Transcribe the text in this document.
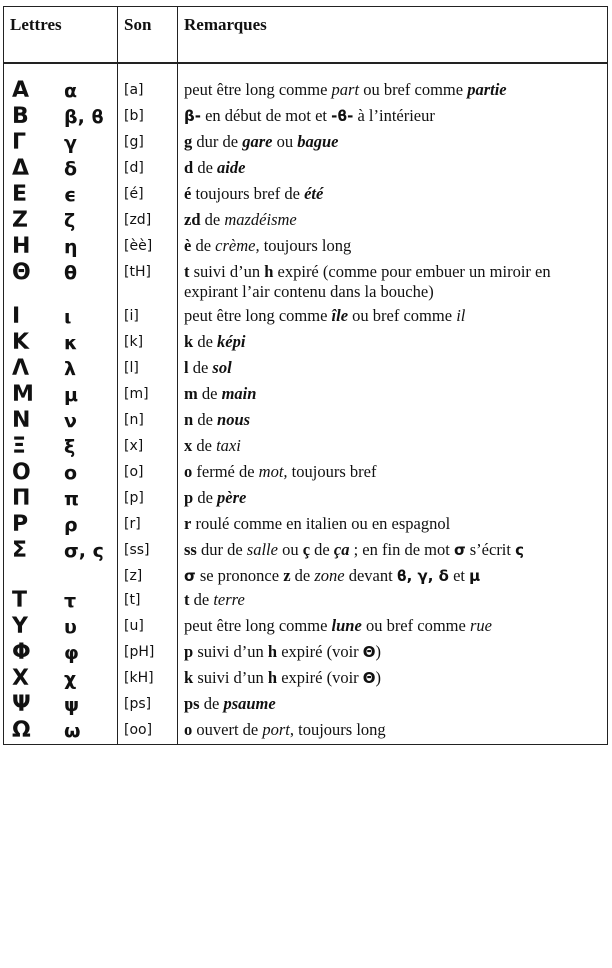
Lettres	Son	Remarques

Α α	[a]	peut être long comme part ou bref comme partie
Β β, ϐ	[b]	β- en début de mot et -ϐ- à l’intérieur
Γ γ	[g]	g dur de gare ou bague
Δ δ	[d]	d de aide
Ε ϵ	[é]	é toujours bref de été
Ζ ζ	[zd]	zd de mazdéisme
Η η	[èè]	è de crème, toujours long
Θ θ	[tH]	t suivi d’un h expiré (comme pour embuer un miroir en expirant l’air contenu dans la bouche)
Ι ι	[i]	peut être long comme île ou bref comme il
Κ κ	[k]	k de képi
Λ λ	[l]	l de sol
Μ μ	[m]	m de main
Ν ν	[n]	n de nous
Ξ ξ	[x]	x de taxi
Ο ο	[o]	o fermé de mot, toujours bref
Π π	[p]	p de père
Ρ ρ	[r]	r roulé comme en italien ou en espagnol
Σ σ, ς	[ss]	ss dur de salle ou ç de ça ; en fin de mot σ s’écrit ς
	[z]	σ se prononce z de zone devant ϐ, γ, δ et μ
Τ τ	[t]	t de terre
Υ υ	[u]	peut être long comme lune ou bref comme rue
Φ φ	[pH]	p suivi d’un h expiré (voir Θ)
Χ χ	[kH]	k suivi d’un h expiré (voir Θ)
Ψ ψ	[ps]	ps de psaume
Ω ω	[oo]	o ouvert de port, toujours long
